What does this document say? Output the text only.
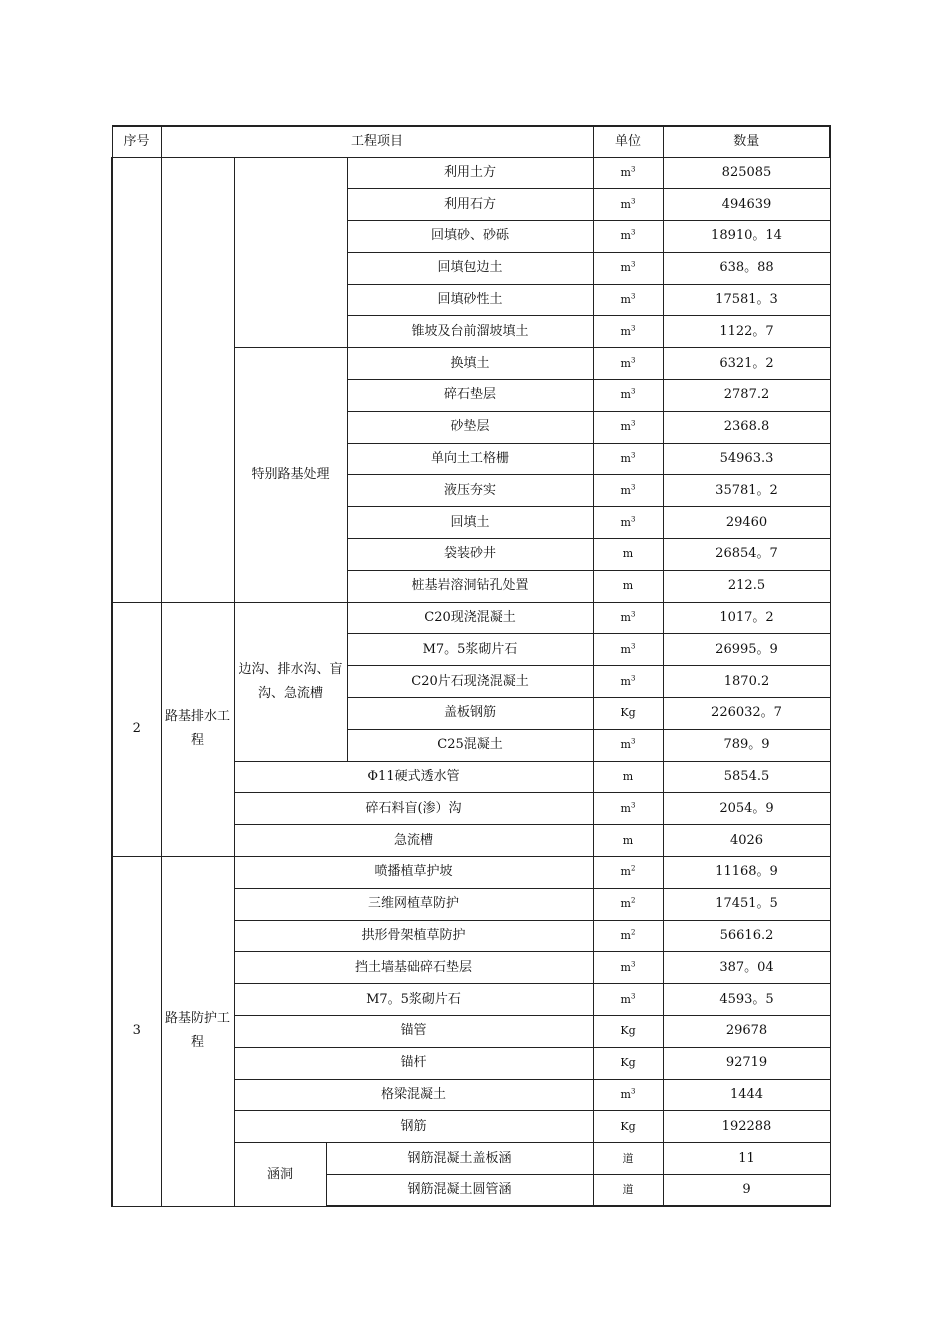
序号	工程项目				单位	数量
				利用土方	$m^3$	825085
				利用石方	$m^3$	494639
				回填砂、砂砾	$m^3$	18910。14
				回填包边土	$m^3$	638。88
				回填砂性土	$m^3$	17581。3
				锥坡及台前溜坡填土	$m^3$	1122。7
		特别路基处理		换填土	$m^3$	6321。2
				碎石垫层	$m^3$	2787.2
				砂垫层	$m^3$	2368.8
				单向土工格栅	$m^3$	54963.3
				液压夯实	$m^3$	35781。2
				回填土	$m^3$	29460
				袋装砂井	m	26854。7
				桩基岩溶洞钻孔处置	m	212.5
2	路基排水工程	边沟、排水沟、盲沟、急流槽		C20现浇混凝土	$m^3$	1017。2
				M7。5浆砌片石	$m^3$	26995。9
				C20片石现浇混凝土	$m^3$	1870.2
				盖板钢筋	Kg	226032。7
				C25混凝土	$m^3$	789。9
		Φ11硬式透水管			m	5854.5
		碎石料盲(渗）沟			$m^3$	2054。9
		急流槽			m	4026
3	路基防护工程	喷播植草护坡			$m^2$	11168。9
		三维网植草防护			$m^2$	17451。5
		拱形骨架植草防护			$m^2$	56616.2
		挡土墙基础碎石垫层			$m^3$	387。04
		M7。5浆砌片石			$m^3$	4593。5
		锚管			Kg	29678
		锚杆			Kg	92719
		格梁混凝土			$m^3$	1444
		钢筋			Kg	192288
		涵洞	钢筋混凝土盖板涵		道	11
			钢筋混凝土圆管涵		道	9
